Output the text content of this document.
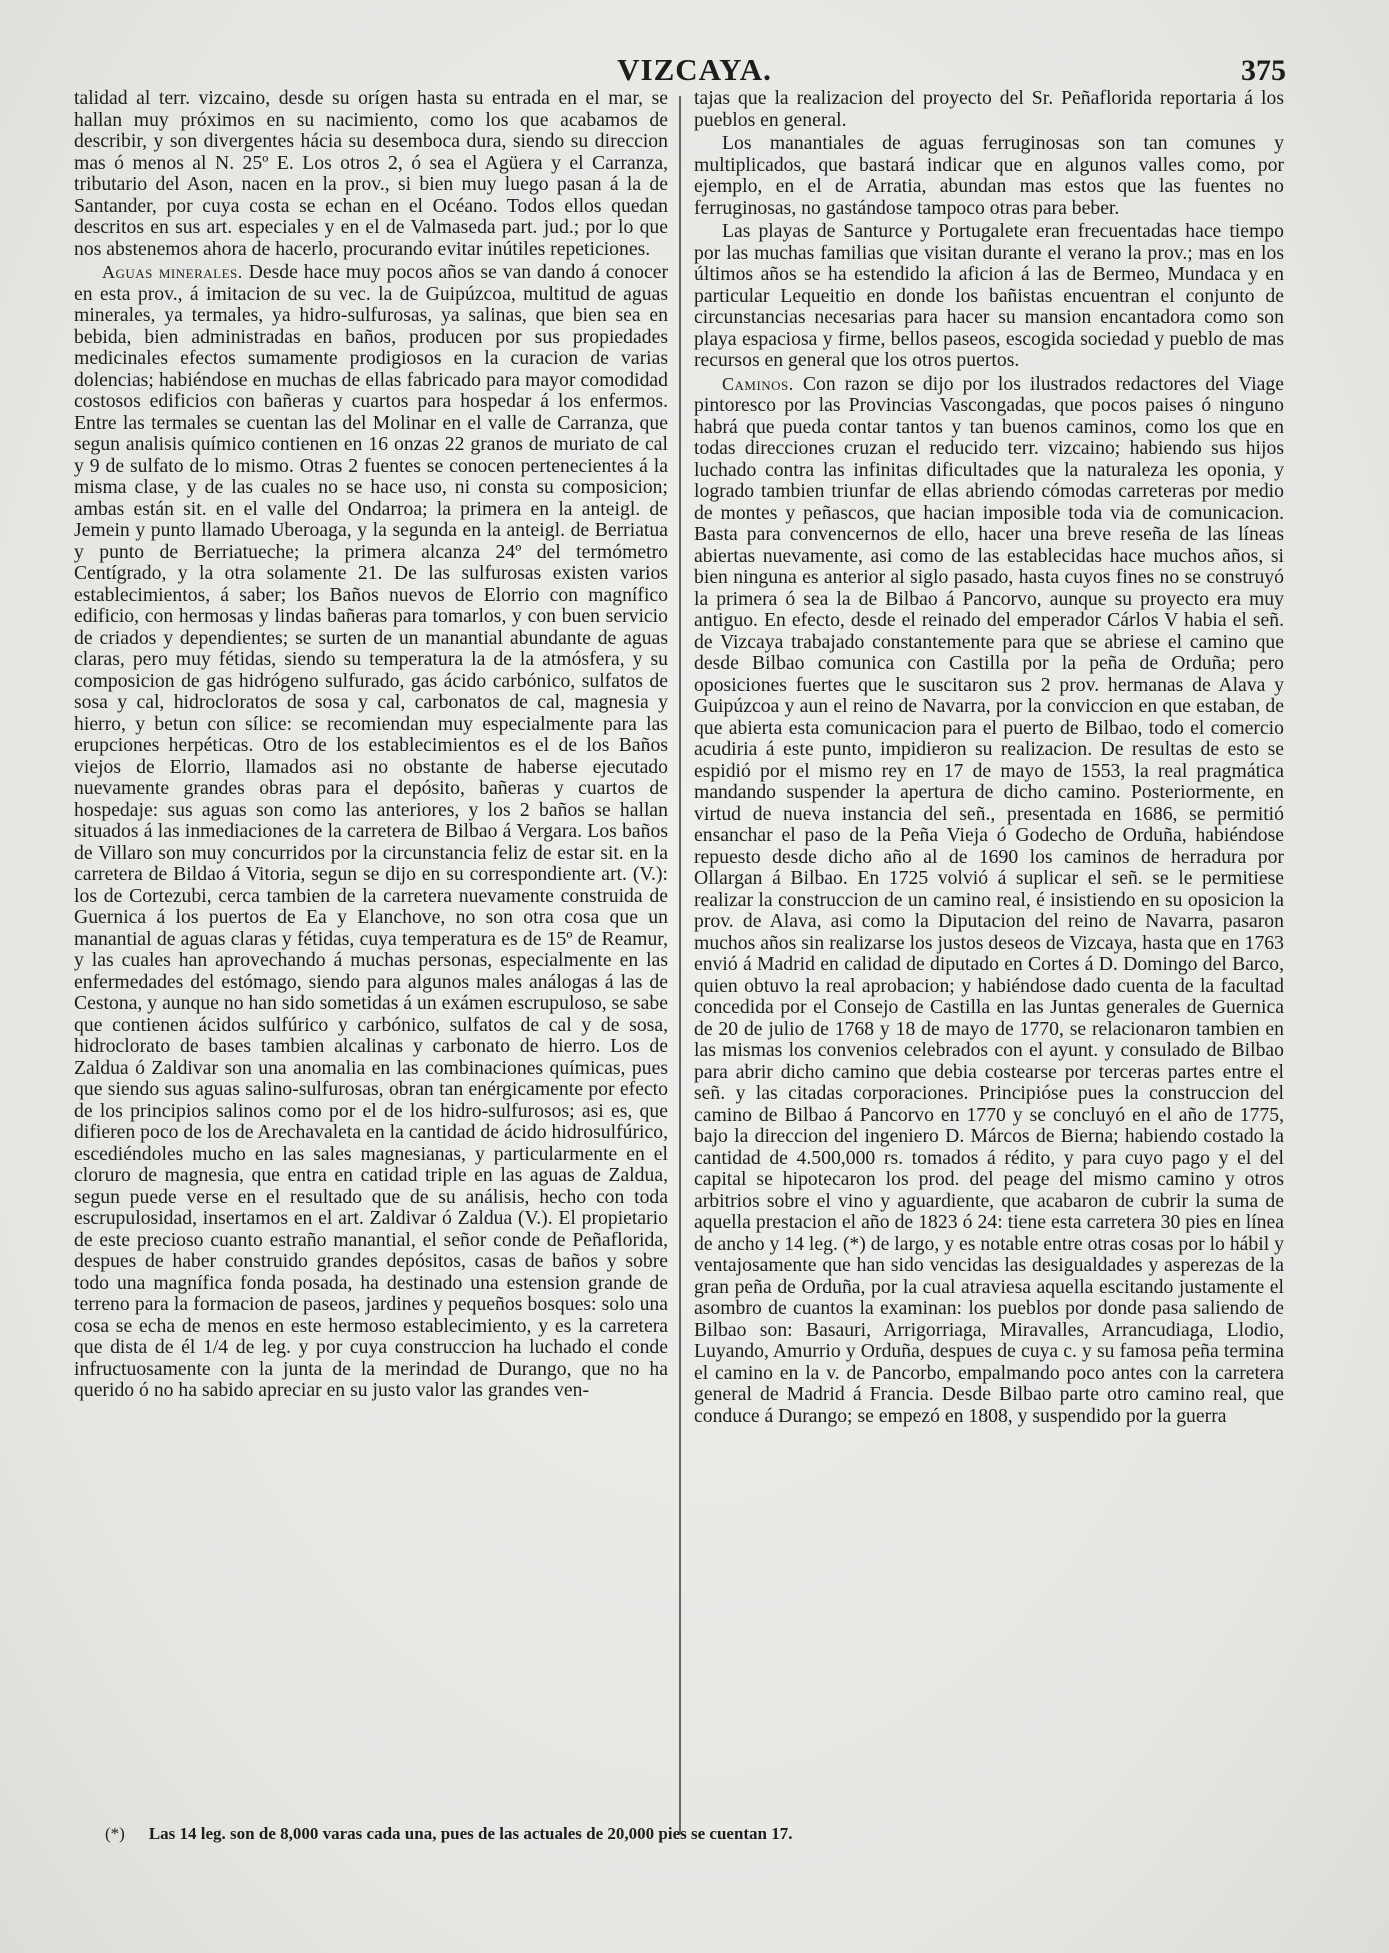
VIZCAYA.	375

talidad al terr. vizcaino, desde su orígen hasta su entrada en el mar, se hallan muy próximos en su nacimiento, como los que acabamos de describir, y son divergentes hácia su desemboca dura, siendo su direccion mas ó menos al N. 25º E. Los otros 2, ó sea el Agüera y el Carranza, tributario del Ason, nacen en la prov., si bien muy luego pasan á la de Santander, por cuya costa se echan en el Océano. Todos ellos quedan descritos en sus art. especiales y en el de Valmaseda part. jud.; por lo que nos abstenemos ahora de hacerlo, procurando evitar inútiles repeticiones.

Aguas minerales. Desde hace muy pocos años se van dando á conocer en esta prov., á imitacion de su vec. la de Guipúzcoa, multitud de aguas minerales, ya termales, ya hidro-sulfurosas, ya salinas, que bien sea en bebida, bien administradas en baños, producen por sus propiedades medicinales efectos sumamente prodigiosos en la curacion de varias dolencias; habiéndose en muchas de ellas fabricado para mayor comodidad costosos edificios con bañeras y cuartos para hospedar á los enfermos. Entre las termales se cuentan las del Molinar en el valle de Carranza, que segun analisis químico contienen en 16 onzas 22 granos de muriato de cal y 9 de sulfato de lo mismo. Otras 2 fuentes se conocen pertenecientes á la misma clase, y de las cuales no se hace uso, ni consta su composicion; ambas están sit. en el valle del Ondarroa; la primera en la anteigl. de Jemein y punto llamado Uberoaga, y la segunda en la anteigl. de Berriatua y punto de Berriatueche; la primera alcanza 24º del termómetro Centígrado, y la otra solamente 21. De las sulfurosas existen varios establecimientos, á saber; los Baños nuevos de Elorrio con magnífico edificio, con hermosas y lindas bañeras para tomarlos, y con buen servicio de criados y dependientes; se surten de un manantial abundante de aguas claras, pero muy fétidas, siendo su temperatura la de la atmósfera, y su composicion de gas hidrógeno sulfurado, gas ácido carbónico, sulfatos de sosa y cal, hidrocloratos de sosa y cal, carbonatos de cal, magnesia y hierro, y betun con sílice: se recomiendan muy especialmente para las erupciones herpéticas. Otro de los establecimientos es el de los Baños viejos de Elorrio, llamados asi no obstante de haberse ejecutado nuevamente grandes obras para el depósito, bañeras y cuartos de hospedaje: sus aguas son como las anteriores, y los 2 baños se hallan situados á las inmediaciones de la carretera de Bilbao á Vergara. Los baños de Villaro son muy concurridos por la circunstancia feliz de estar sit. en la carretera de Bildao á Vitoria, segun se dijo en su correspondiente art. (V.): los de Cortezubi, cerca tambien de la carretera nuevamente construida de Guernica á los puertos de Ea y Elanchove, no son otra cosa que un manantial de aguas claras y fétidas, cuya temperatura es de 15º de Reamur, y las cuales han aprovechando á muchas personas, especialmente en las enfermedades del estómago, siendo para algunos males análogas á las de Cestona, y aunque no han sido sometidas á un exámen escrupuloso, se sabe que contienen ácidos sulfúrico y carbónico, sulfatos de cal y de sosa, hidroclorato de bases tambien alcalinas y carbonato de hierro. Los de Zaldua ó Zaldivar son una anomalia en las combinaciones químicas, pues que siendo sus aguas salino-sulfurosas, obran tan enérgicamente por efecto de los principios salinos como por el de los hidro-sulfurosos; asi es, que difieren poco de los de Arechavaleta en la cantidad de ácido hidrosulfúrico, escediéndoles mucho en las sales magnesianas, y particularmente en el cloruro de magnesia, que entra en catidad triple en las aguas de Zaldua, segun puede verse en el resultado que de su análisis, hecho con toda escrupulosidad, insertamos en el art. Zaldivar ó Zaldua (V.). El propietario de este precioso cuanto estraño manantial, el señor conde de Peñaflorida, despues de haber construido grandes depósitos, casas de baños y sobre todo una magnífica fonda posada, ha destinado una estension grande de terreno para la formacion de paseos, jardines y pequeños bosques: solo una cosa se echa de menos en este hermoso establecimiento, y es la carretera que dista de él 1/4 de leg. y por cuya construccion ha luchado el conde infructuosamente con la junta de la merindad de Durango, que no ha querido ó no ha sabido apreciar en su justo valor las grandes ven-

tajas que la realizacion del proyecto del Sr. Peñaflorida reportaria á los pueblos en general.

Los manantiales de aguas ferruginosas son tan comunes y multiplicados, que bastará indicar que en algunos valles como, por ejemplo, en el de Arratia, abundan mas estos que las fuentes no ferruginosas, no gastándose tampoco otras para beber.

Las playas de Santurce y Portugalete eran frecuentadas hace tiempo por las muchas familias que visitan durante el verano la prov.; mas en los últimos años se ha estendido la aficion á las de Bermeo, Mundaca y en particular Lequeitio en donde los bañistas encuentran el conjunto de circunstancias necesarias para hacer su mansion encantadora como son playa espaciosa y firme, bellos paseos, escogida sociedad y pueblo de mas recursos en general que los otros puertos.

Caminos. Con razon se dijo por los ilustrados redactores del Viage pintoresco por las Provincias Vascongadas, que pocos paises ó ninguno habrá que pueda contar tantos y tan buenos caminos, como los que en todas direcciones cruzan el reducido terr. vizcaino; habiendo sus hijos luchado contra las infinitas dificultades que la naturaleza les oponia, y logrado tambien triunfar de ellas abriendo cómodas carreteras por medio de montes y peñascos, que hacian imposible toda via de comunicacion. Basta para convencernos de ello, hacer una breve reseña de las líneas abiertas nuevamente, asi como de las establecidas hace muchos años, si bien ninguna es anterior al siglo pasado, hasta cuyos fines no se construyó la primera ó sea la de Bilbao á Pancorvo, aunque su proyecto era muy antiguo. En efecto, desde el reinado del emperador Cárlos V habia el señ. de Vizcaya trabajado constantemente para que se abriese el camino que desde Bilbao comunica con Castilla por la peña de Orduña; pero oposiciones fuertes que le suscitaron sus 2 prov. hermanas de Alava y Guipúzcoa y aun el reino de Navarra, por la conviccion en que estaban, de que abierta esta comunicacion para el puerto de Bilbao, todo el comercio acudiria á este punto, impidieron su realizacion. De resultas de esto se espidió por el mismo rey en 17 de mayo de 1553, la real pragmática mandando suspender la apertura de dicho camino. Posteriormente, en virtud de nueva instancia del señ., presentada en 1686, se permitió ensanchar el paso de la Peña Vieja ó Godecho de Orduña, habiéndose repuesto desde dicho año al de 1690 los caminos de herradura por Ollargan á Bilbao. En 1725 volvió á suplicar el señ. se le permitiese realizar la construccion de un camino real, é insistiendo en su oposicion la prov. de Alava, asi como la Diputacion del reino de Navarra, pasaron muchos años sin realizarse los justos deseos de Vizcaya, hasta que en 1763 envió á Madrid en calidad de diputado en Cortes á D. Domingo del Barco, quien obtuvo la real aprobacion; y habiéndose dado cuenta de la facultad concedida por el Consejo de Castilla en las Juntas generales de Guernica de 20 de julio de 1768 y 18 de mayo de 1770, se relacionaron tambien en las mismas los convenios celebrados con el ayunt. y consulado de Bilbao para abrir dicho camino que debia costearse por terceras partes entre el señ. y las citadas corporaciones. Principióse pues la construccion del camino de Bilbao á Pancorvo en 1770 y se concluyó en el año de 1775, bajo la direccion del ingeniero D. Márcos de Bierna; habiendo costado la cantidad de 4.500,000 rs. tomados á rédito, y para cuyo pago y el del capital se hipotecaron los prod. del peage del mismo camino y otros arbitrios sobre el vino y aguardiente, que acabaron de cubrir la suma de aquella prestacion el año de 1823 ó 24: tiene esta carretera 30 pies en línea de ancho y 14 leg. (*) de largo, y es notable entre otras cosas por lo hábil y ventajosamente que han sido vencidas las desigualdades y asperezas de la gran peña de Orduña, por la cual atraviesa aquella escitando justamente el asombro de cuantos la examinan: los pueblos por donde pasa saliendo de Bilbao son: Basauri, Arrigorriaga, Miravalles, Arrancudiaga, Llodio, Luyando, Amurrio y Orduña, despues de cuya c. y su famosa peña termina el camino en la v. de Pancorbo, empalmando poco antes con la carretera general de Madrid á Francia. Desde Bilbao parte otro camino real, que conduce á Durango; se empezó en 1808, y suspendido por la guerra

(*) Las 14 leg. son de 8,000 varas cada una, pues de las actuales de 20,000 pies se cuentan 17.
